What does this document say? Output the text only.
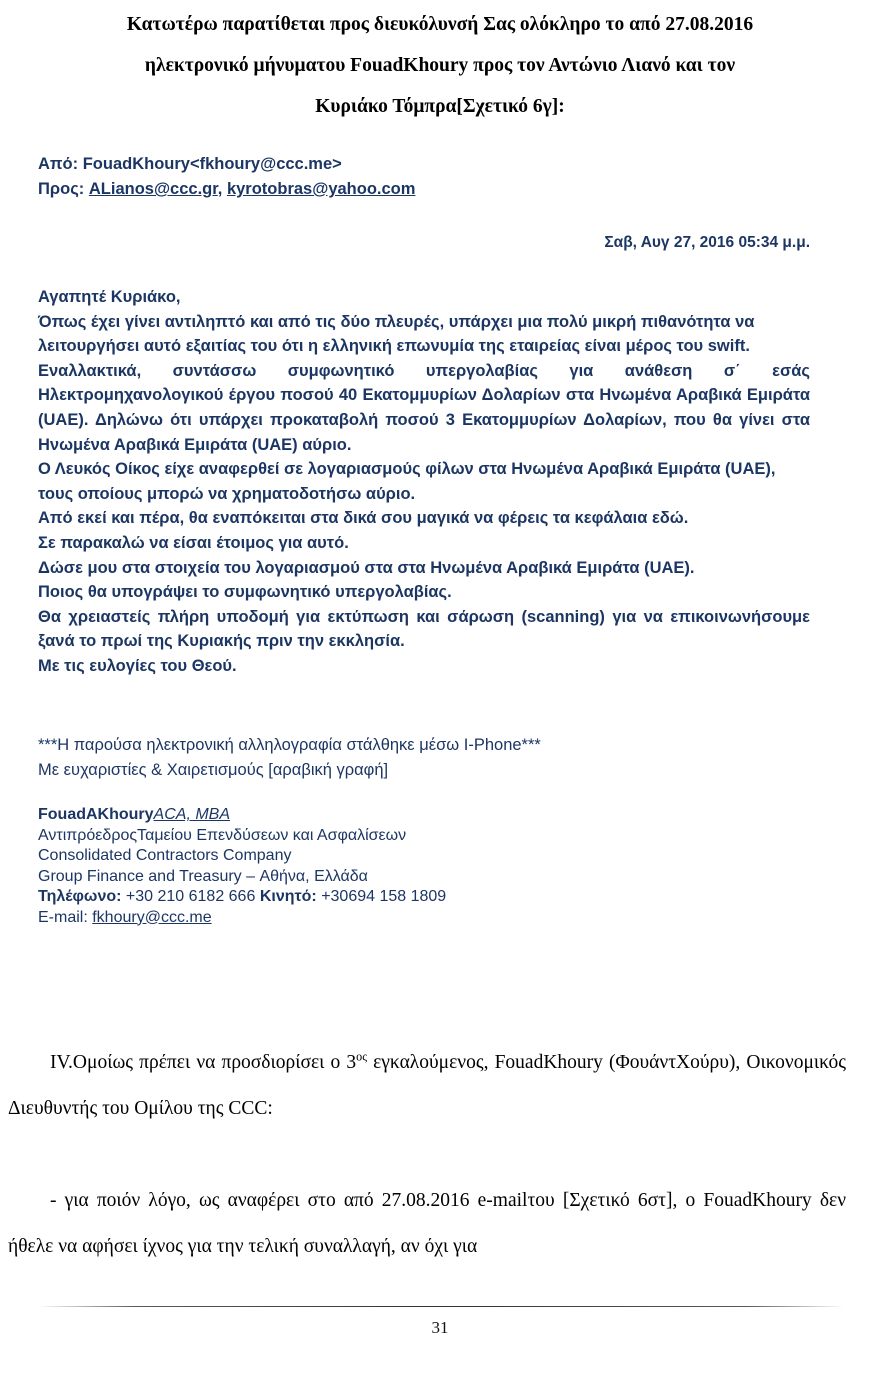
Κατωτέρω παρατίθεται προς διευκόλυνσή Σας ολόκληρο το από 27.08.2016
ηλεκτρονικό μήνυματου FouadKhoury προς τον Αντώνιο Λιανό και τον
Κυριάκο Τόμπρα[Σχετικό 6γ]:
Από: FouadKhoury<fkhoury@ccc.me>
Προς: ALianos@ccc.gr, kyrotobras@yahoo.com
Σαβ, Αυγ 27, 2016 05:34 μ.μ.

Αγαπητέ Κυριάκο,

Όπως έχει γίνει αντιληπτό και από τις δύο πλευρές, υπάρχει μια πολύ μικρή πιθανότητα να λειτουργήσει αυτό εξαιτίας του ότι η ελληνική επωνυμία της εταιρείας είναι μέρος του swift.

Εναλλακτικά, συντάσσω συμφωνητικό υπεργολαβίας για ανάθεση σ΄ εσάς Ηλεκτρομηχανολογικού έργου ποσού 40 Εκατομμυρίων Δολαρίων στα Ηνωμένα Αραβικά Εμιράτα (UAE). Δηλώνω ότι υπάρχει προκαταβολή ποσού 3 Εκατομμυρίων Δολαρίων, που θα γίνει στα Ηνωμένα Αραβικά Εμιράτα (UAE) αύριο.

Ο Λευκός Οίκος είχε αναφερθεί σε λογαριασμούς φίλων στα Ηνωμένα Αραβικά Εμιράτα (UAE), τους οποίους μπορώ να χρηματοδοτήσω αύριο.

Από εκεί και πέρα, θα εναπόκειται στα δικά σου μαγικά να φέρεις τα κεφάλαια εδώ.

Σε παρακαλώ να είσαι έτοιμος για αυτό.

Δώσε μου στα στοιχεία του λογαριασμού στα στα Ηνωμένα Αραβικά Εμιράτα (UAE).

Ποιος θα υπογράψει το συμφωνητικό υπεργολαβίας.

Θα χρειαστείς πλήρη υποδομή για εκτύπωση και σάρωση (scanning) για να επικοινωνήσουμε ξανά το πρωί της Κυριακής πριν την εκκλησία.

Με τις ευλογίες του Θεού.

***Η παρούσα ηλεκτρονική αλληλογραφία στάλθηκε μέσω I-Phone***
Με ευχαριστίες & Χαιρετισμούς [αραβική γραφή]
FouadAKhouryACA, MBA
ΑντιπρόεδροςΤαμείου Επενδύσεων και Ασφαλίσεων
Consolidated Contractors Company
Group Finance and Treasury – Αθήνα, Ελλάδα
Τηλέφωνο: +30 210 6182 666 Κινητό: +30694 158 1809
E-mail: fkhoury@ccc.me
IV.Ομοίως πρέπει να προσδιορίσει ο $3^{o\varsigma}$ εγκαλούμενος, FouadKhoury (ΦουάντΧούρυ), Οικονομικός Διευθυντής του Ομίλου της CCC:
- για ποιόν λόγο, ως αναφέρει στο από 27.08.2016 e-mailτου [Σχετικό 6στ], ο FouadKhoury δεν ήθελε να αφήσει ίχνος για την τελική συναλλαγή, αν όχι για
31
